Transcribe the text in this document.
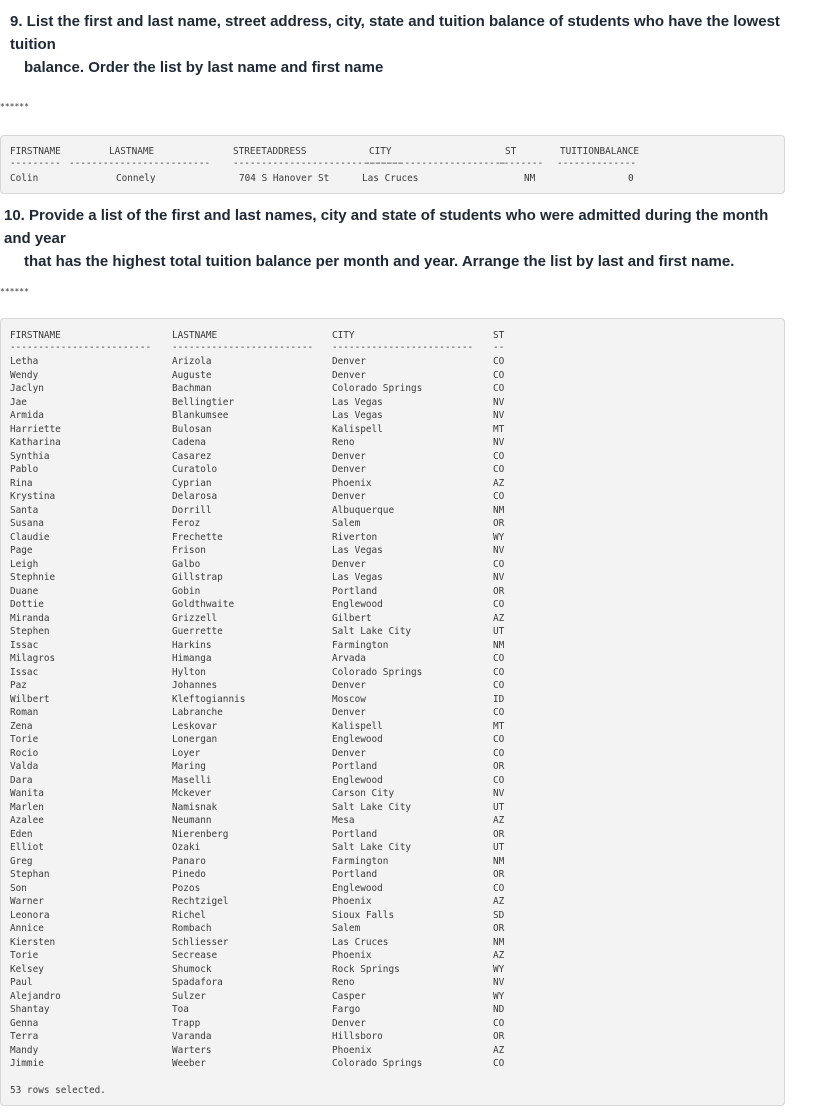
9. List the first and last name, street address, city, state and tuition balance of students who have the lowest tuition
balance. Order the list by last name and first name
******
FIRSTNAME	LASTNAME	STREETADDRESS	CITY	ST	TUITIONBALANCE
--------- ------------------------- ------------------------------
-------------------------
-------- --------------
Colin	Connely	704 S Hanover St	Las Cruces	NM	0
10. Provide a list of the first and last names, city and state of students who were admitted during the month and year
that has the highest total tuition balance per month and year. Arrange the list by last and first name.
******
FIRSTNAME	LASTNAME	CITY	ST
------------------------- ------------------------- ------------------------- --
Letha	Arizola	Denver	CO
Wendy	Auguste	Denver	CO
Jaclyn	Bachman	Colorado Springs	CO
Jae	Bellingtier	Las Vegas	NV
Armida	Blankumsee	Las Vegas	NV
Harriette	Bulosan	Kalispell	MT
Katharina	Cadena	Reno	NV
Synthia	Casarez	Denver	CO
Pablo	Curatolo	Denver	CO
Rina	Cyprian	Phoenix	AZ
Krystina	Delarosa	Denver	CO
Santa	Dorrill	Albuquerque	NM
Susana	Feroz	Salem	OR
Claudie	Frechette	Riverton	WY
Page	Frison	Las Vegas	NV
Leigh	Galbo	Denver	CO
Stephnie	Gillstrap	Las Vegas	NV
Duane	Gobin	Portland	OR
Dottie	Goldthwaite	Englewood	CO
Miranda	Grizzell	Gilbert	AZ
Stephen	Guerrette	Salt Lake City	UT
Issac	Harkins	Farmington	NM
Milagros	Himanga	Arvada	CO
Issac	Hylton	Colorado Springs	CO
Paz	Johannes	Denver	CO
Wilbert	Kleftogiannis	Moscow	ID
Roman	Labranche	Denver	CO
Zena	Leskovar	Kalispell	MT
Torie	Lonergan	Englewood	CO
Rocio	Loyer	Denver	CO
Valda	Maring	Portland	OR
Dara	Maselli	Englewood	CO
Wanita	Mckever	Carson City	NV
Marlen	Namisnak	Salt Lake City	UT
Azalee	Neumann	Mesa	AZ
Eden	Nierenberg	Portland	OR
Elliot	Ozaki	Salt Lake City	UT
Greg	Panaro	Farmington	NM
Stephan	Pinedo	Portland	OR
Son	Pozos	Englewood	CO
Warner	Rechtzigel	Phoenix	AZ
Leonora	Richel	Sioux Falls	SD
Annice	Rombach	Salem	OR
Kiersten	Schliesser	Las Cruces	NM
Torie	Secrease	Phoenix	AZ
Kelsey	Shumock	Rock Springs	WY
Paul	Spadafora	Reno	NV
Alejandro	Sulzer	Casper	WY
Shantay	Toa	Fargo	ND
Genna	Trapp	Denver	CO
Terra	Varanda	Hillsboro	OR
Mandy	Warters	Phoenix	AZ
Jimmie	Weeber	Colorado Springs	CO
53 rows selected.
